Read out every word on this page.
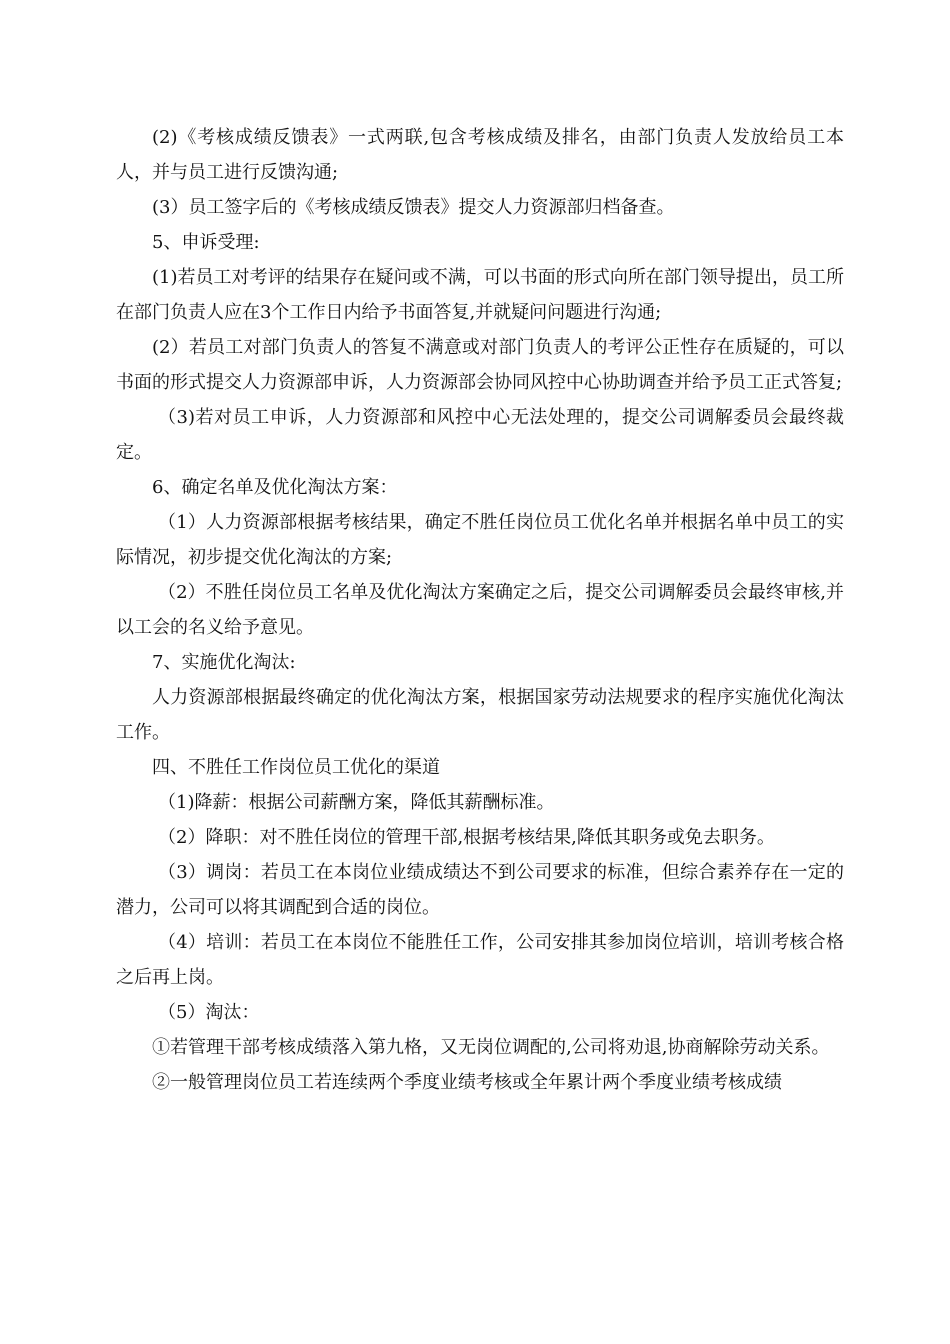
(2)《考核成绩反馈表》一式两联,包含考核成绩及排名，由部门负责人发放给员工本人，并与员工进行反馈沟通;

(3）员工签字后的《考核成绩反馈表》提交人力资源部归档备查。

5、申诉受理:

(1)若员工对考评的结果存在疑问或不满，可以书面的形式向所在部门领导提出，员工所在部门负责人应在3个工作日内给予书面答复,并就疑问问题进行沟通;

(2）若员工对部门负责人的答复不满意或对部门负责人的考评公正性存在质疑的，可以书面的形式提交人力资源部申诉，人力资源部会协同风控中心协助调查并给予员工正式答复;

（3)若对员工申诉，人力资源部和风控中心无法处理的，提交公司调解委员会最终裁定。

6、确定名单及优化淘汰方案：

（1）人力资源部根据考核结果，确定不胜任岗位员工优化名单并根据名单中员工的实际情况，初步提交优化淘汰的方案;

（2）不胜任岗位员工名单及优化淘汰方案确定之后，提交公司调解委员会最终审核,并以工会的名义给予意见。

7、实施优化淘汰:

人力资源部根据最终确定的优化淘汰方案，根据国家劳动法规要求的程序实施优化淘汰工作。

四、不胜任工作岗位员工优化的渠道

（1)降薪：根据公司薪酬方案，降低其薪酬标准。

（2）降职：对不胜任岗位的管理干部,根据考核结果,降低其职务或免去职务。

（3）调岗：若员工在本岗位业绩成绩达不到公司要求的标准，但综合素养存在一定的潜力，公司可以将其调配到合适的岗位。

（4）培训：若员工在本岗位不能胜任工作，公司安排其参加岗位培训，培训考核合格之后再上岗。

（5）淘汰：

①若管理干部考核成绩落入第九格，又无岗位调配的,公司将劝退,协商解除劳动关系。

②一般管理岗位员工若连续两个季度业绩考核或全年累计两个季度业绩考核成绩
